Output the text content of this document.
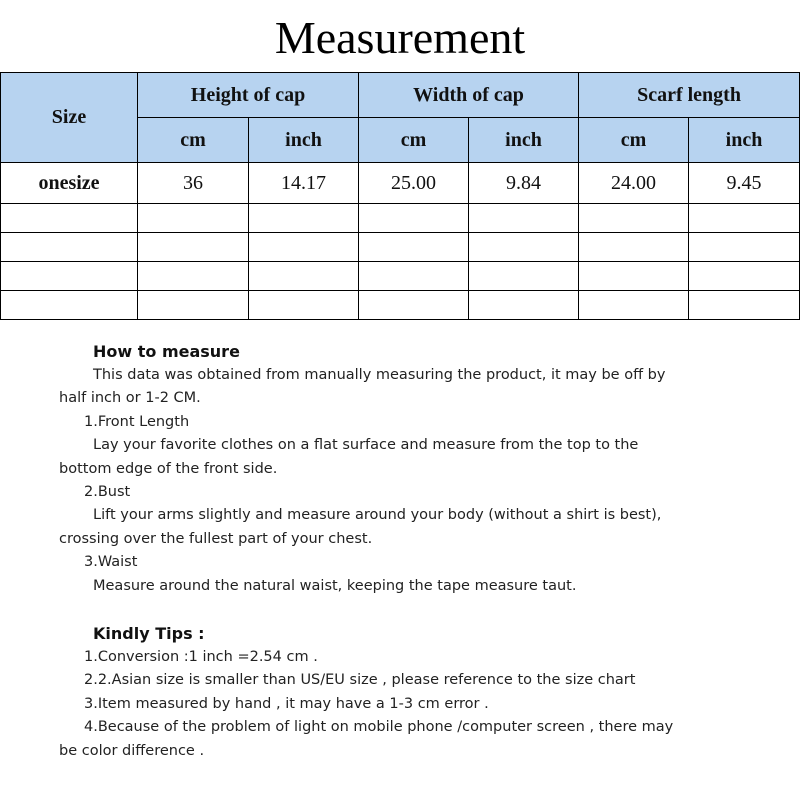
Measurement
Size	Height of cap		Width of cap		Scarf length	
	cm	inch	cm	inch	cm	inch
onesize	36	14.17	25.00	9.84	24.00	9.45

How to measure
This data was obtained from manually measuring the product, it may be off by
half inch or 1-2 CM.
1.Front Length
Lay your favorite clothes on a flat surface and measure from the top to the
bottom edge of the front side.
2.Bust
Lift your arms slightly and measure around your body (without a shirt is best),
crossing over the fullest part of your chest.
3.Waist
Measure around the natural waist, keeping the tape measure taut.
Kindly Tips :
1.Conversion :1 inch =2.54 cm .
2.2.Asian size is smaller than US/EU size , please reference to the size chart
3.Item measured by hand , it may have a 1-3 cm error .
4.Because of the problem of light on mobile phone /computer screen , there may
be color difference .
